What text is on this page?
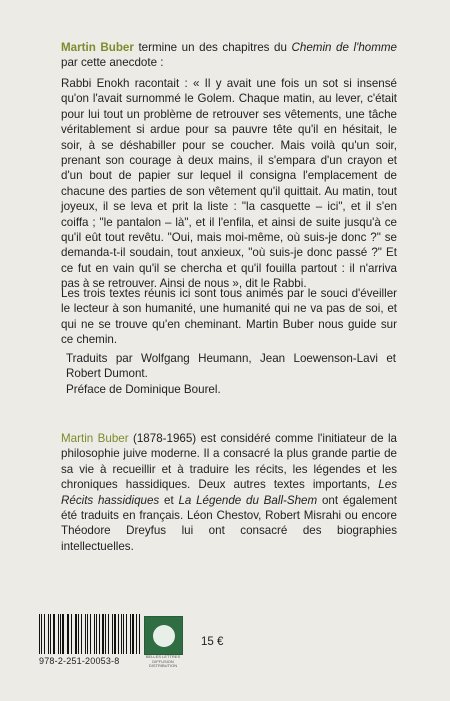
Martin Buber termine un des chapitres du Chemin de l'homme par cette anecdote :

Rabbi Enokh racontait : « Il y avait une fois un sot si insensé qu'on l'avait surnommé le Golem. Chaque matin, au lever, c'était pour lui tout un problème de retrouver ses vêtements, une tâche véritablement si ardue pour sa pauvre tête qu'il en hésitait, le soir, à se déshabiller pour se coucher. Mais voilà qu'un soir, prenant son courage à deux mains, il s'empara d'un crayon et d'un bout de papier sur lequel il consigna l'emplacement de chacune des parties de son vêtement qu'il quittait. Au matin, tout joyeux, il se leva et prit la liste : "la casquette – ici", et il s'en coiffa ; "le pantalon – là", et il l'enfila, et ainsi de suite jusqu'à ce qu'il eût tout revêtu. "Oui, mais moi-même, où suis-je donc ?" se demanda-t-il soudain, tout anxieux, "où suis-je donc passé ?" Et ce fut en vain qu'il se chercha et qu'il fouilla partout : il n'arriva pas à se retrouver. Ainsi de nous », dit le Rabbi.

Les trois textes réunis ici sont tous animés par le souci d'éveiller le lecteur à son humanité, une humanité qui ne va pas de soi, et qui ne se trouve qu'en cheminant. Martin Buber nous guide sur ce chemin.

Traduits par Wolfgang Heumann, Jean Loewenson-Lavi et Robert Dumont.

Préface de Dominique Bourel.

Martin Buber (1878-1965) est considéré comme l'initiateur de la philosophie juive moderne. Il a consacré la plus grande partie de sa vie à recueillir et à traduire les récits, les légendes et les chroniques hassidiques. Deux autres textes importants, Les Récits hassidiques et La Légende du Ball-Shem ont également été traduits en français. Léon Chestov, Robert Misrahi ou encore Théodore Dreyfus lui ont consacré des biographies intellectuelles.

978-2-251-20053-8	BELLES LETTRES DIFFUSION DISTRIBUTION
15 €
